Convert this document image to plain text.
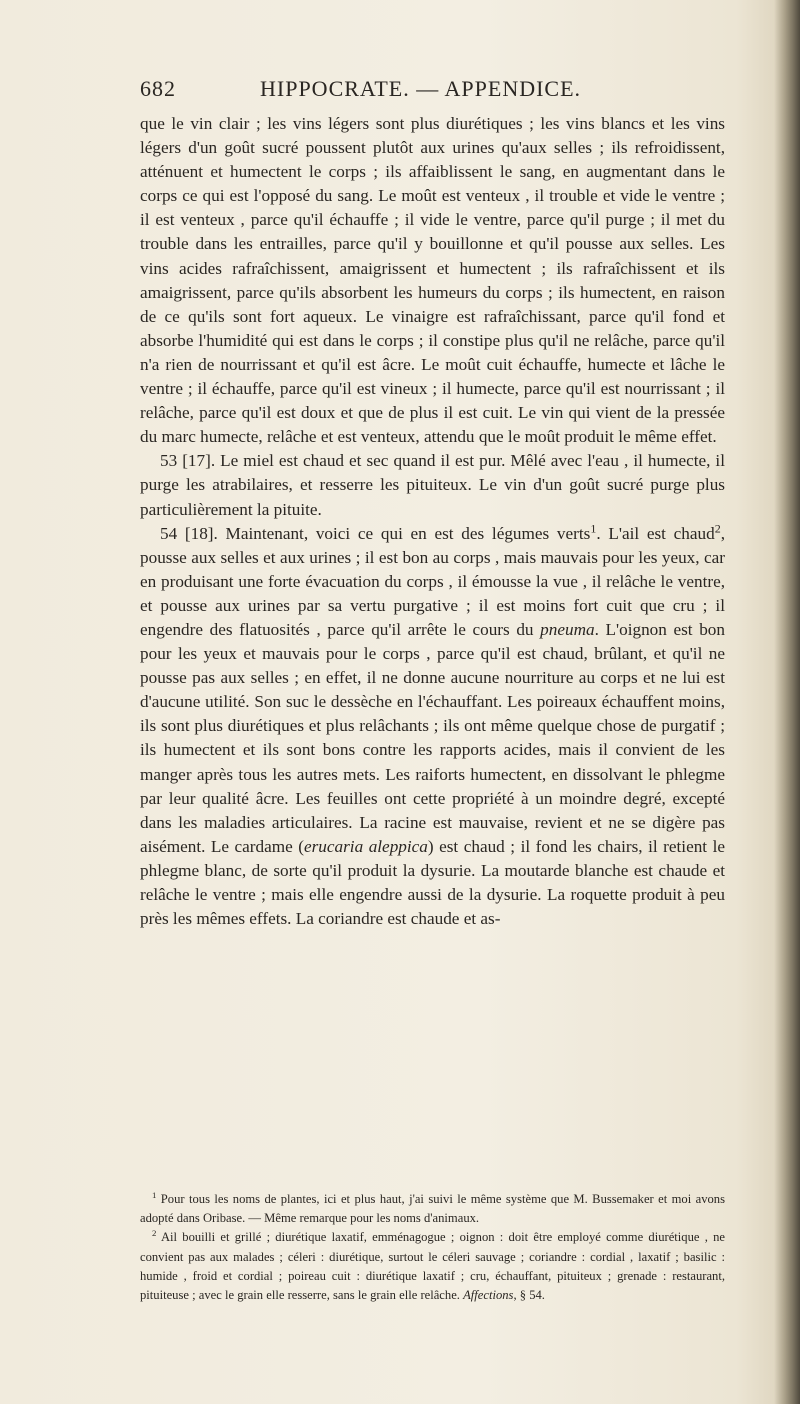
682	HIPPOCRATE. — APPENDICE.

que le vin clair ; les vins légers sont plus diurétiques ; les vins blancs et les vins légers d'un goût sucré poussent plutôt aux urines qu'aux selles ; ils refroidissent, atténuent et humectent le corps ; ils affaiblissent le sang, en augmentant dans le corps ce qui est l'opposé du sang. Le moût est venteux , il trouble et vide le ventre ; il est venteux , parce qu'il échauffe ; il vide le ventre, parce qu'il purge ; il met du trouble dans les entrailles, parce qu'il y bouillonne et qu'il pousse aux selles. Les vins acides rafraîchissent, amaigrissent et humectent ; ils rafraîchissent et ils amaigrissent, parce qu'ils absorbent les humeurs du corps ; ils humectent, en raison de ce qu'ils sont fort aqueux. Le vinaigre est rafraîchissant, parce qu'il fond et absorbe l'humidité qui est dans le corps ; il constipe plus qu'il ne relâche, parce qu'il n'a rien de nourrissant et qu'il est âcre. Le moût cuit échauffe, humecte et lâche le ventre ; il échauffe, parce qu'il est vineux ; il humecte, parce qu'il est nourrissant ; il relâche, parce qu'il est doux et que de plus il est cuit. Le vin qui vient de la pressée du marc humecte, relâche et est venteux, attendu que le moût produit le même effet.

53 [17]. Le miel est chaud et sec quand il est pur. Mêlé avec l'eau , il humecte, il purge les atrabilaires, et resserre les pituiteux. Le vin d'un goût sucré purge plus particulièrement la pituite.

54 [18]. Maintenant, voici ce qui en est des légumes verts$^1$. L'ail est chaud$^2$, pousse aux selles et aux urines ; il est bon au corps , mais mauvais pour les yeux, car en produisant une forte évacuation du corps , il émousse la vue , il relâche le ventre, et pousse aux urines par sa vertu purgative ; il est moins fort cuit que cru ; il engendre des flatuosités , parce qu'il arrête le cours du pneuma. L'oignon est bon pour les yeux et mauvais pour le corps , parce qu'il est chaud, brûlant, et qu'il ne pousse pas aux selles ; en effet, il ne donne aucune nourriture au corps et ne lui est d'aucune utilité. Son suc le dessèche en l'échauffant. Les poireaux échauffent moins, ils sont plus diurétiques et plus relâchants ; ils ont même quelque chose de purgatif ; ils humectent et ils sont bons contre les rapports acides, mais il convient de les manger après tous les autres mets. Les raiforts humectent, en dissolvant le phlegme par leur qualité âcre. Les feuilles ont cette propriété à un moindre degré, excepté dans les maladies articulaires. La racine est mauvaise, revient et ne se digère pas aisément. Le cardame (erucaria aleppica) est chaud ; il fond les chairs, il retient le phlegme blanc, de sorte qu'il produit la dysurie. La moutarde blanche est chaude et relâche le ventre ; mais elle engendre aussi de la dysurie. La roquette produit à peu près les mêmes effets. La coriandre est chaude et as-

$^1$ Pour tous les noms de plantes, ici et plus haut, j'ai suivi le même système que M. Bussemaker et moi avons adopté dans Oribase. — Même remarque pour les noms d'animaux.

$^2$ Ail bouilli et grillé ; diurétique laxatif, emménagogue ; oignon : doit être employé comme diurétique , ne convient pas aux malades ; céleri : diurétique, surtout le céleri sauvage ; coriandre : cordial , laxatif ; basilic : humide , froid et cordial ; poireau cuit : diurétique laxatif ; cru, échauffant, pituiteux ; grenade : restaurant, pituiteuse ; avec le grain elle resserre, sans le grain elle relâche. Affections, § 54.
